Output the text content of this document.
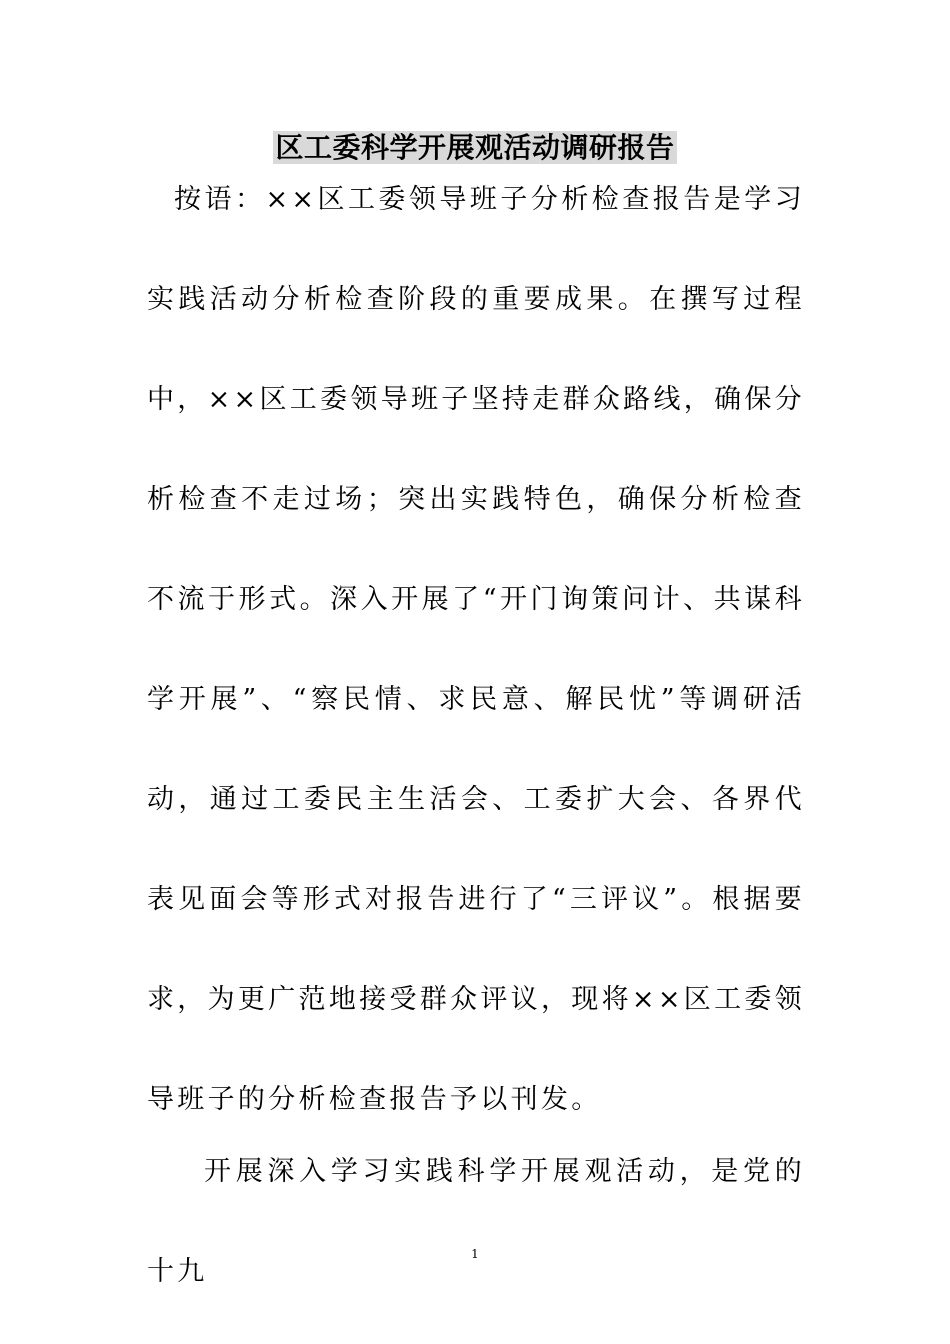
区工委科学开展观活动调研报告

按语：××区工委领导班子分析检查报告是学习实践活动分析检查阶段的重要成果。在撰写过程中，××区工委领导班子坚持走群众路线，确保分析检查不走过场；突出实践特色，确保分析检查不流于形式。深入开展了“开门询策问计、共谋科学开展”、“察民情、求民意、解民忧”等调研活动，通过工委民主生活会、工委扩大会、各界代表见面会等形式对报告进行了“三评议”。根据要求，为更广范地接受群众评议，现将××区工委领导班子的分析检查报告予以刊发。

开展深入学习实践科学开展观活动，是党的十九

1
